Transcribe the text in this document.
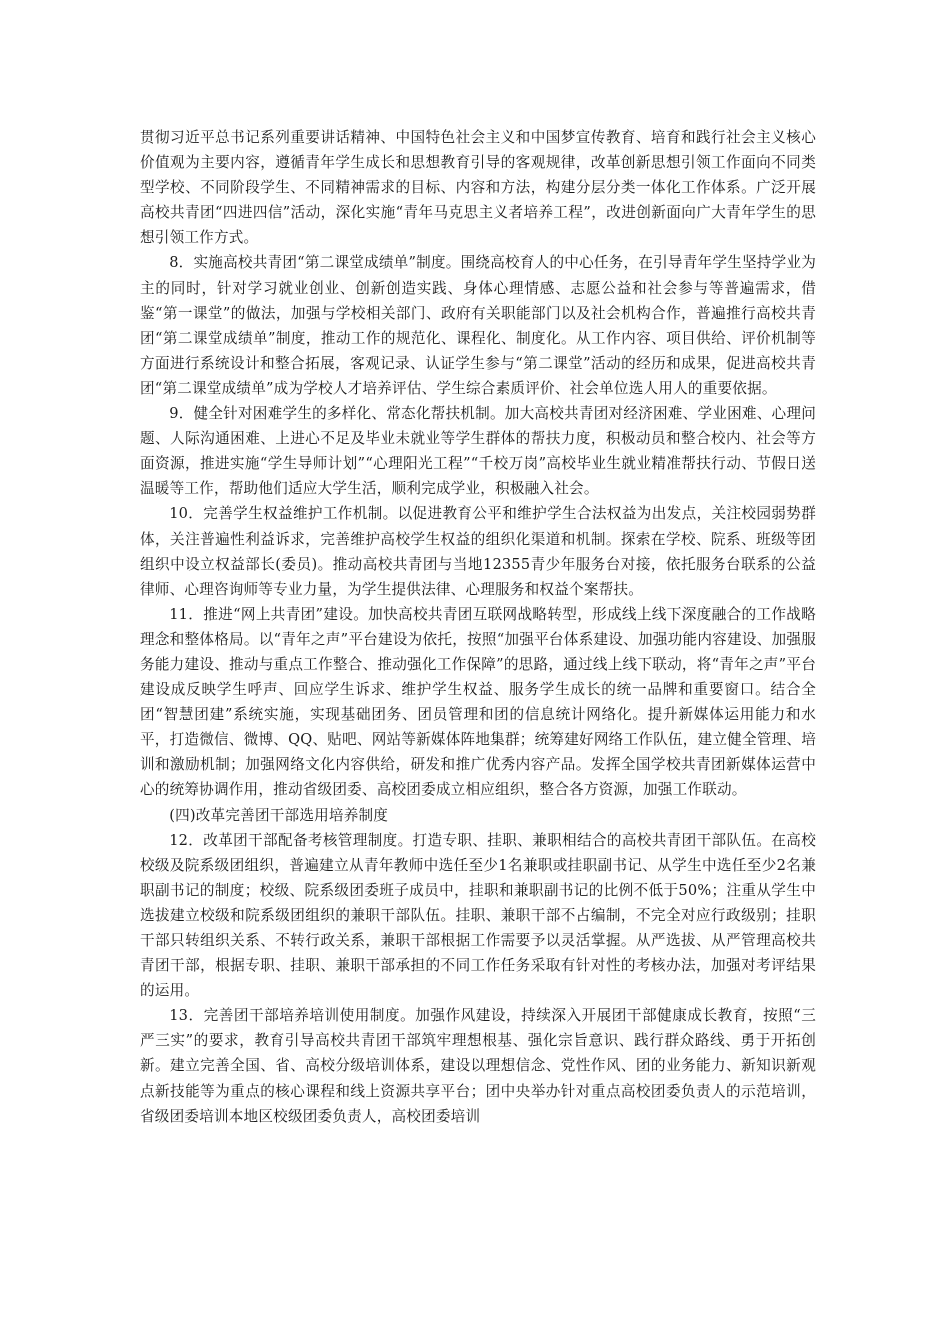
贯彻习近平总书记系列重要讲话精神、中国特色社会主义和中国梦宣传教育、培育和践行社会主义核心价值观为主要内容，遵循青年学生成长和思想教育引导的客观规律，改革创新思想引领工作面向不同类型学校、不同阶段学生、不同精神需求的目标、内容和方法，构建分层分类一体化工作体系。广泛开展高校共青团“四进四信”活动，深化实施“青年马克思主义者培养工程”，改进创新面向广大青年学生的思想引领工作方式。

8．实施高校共青团“第二课堂成绩单”制度。围绕高校育人的中心任务，在引导青年学生坚持学业为主的同时，针对学习就业创业、创新创造实践、身体心理情感、志愿公益和社会参与等普遍需求，借鉴“第一课堂”的做法，加强与学校相关部门、政府有关职能部门以及社会机构合作，普遍推行高校共青团“第二课堂成绩单”制度，推动工作的规范化、课程化、制度化。从工作内容、项目供给、评价机制等方面进行系统设计和整合拓展，客观记录、认证学生参与“第二课堂”活动的经历和成果，促进高校共青团“第二课堂成绩单”成为学校人才培养评估、学生综合素质评价、社会单位选人用人的重要依据。

9．健全针对困难学生的多样化、常态化帮扶机制。加大高校共青团对经济困难、学业困难、心理问题、人际沟通困难、上进心不足及毕业未就业等学生群体的帮扶力度，积极动员和整合校内、社会等方面资源，推进实施“学生导师计划”“心理阳光工程”“千校万岗”高校毕业生就业精准帮扶行动、节假日送温暖等工作，帮助他们适应大学生活，顺利完成学业，积极融入社会。

10．完善学生权益维护工作机制。以促进教育公平和维护学生合法权益为出发点，关注校园弱势群体，关注普遍性利益诉求，完善维护高校学生权益的组织化渠道和机制。探索在学校、院系、班级等团组织中设立权益部长(委员)。推动高校共青团与当地12355青少年服务台对接，依托服务台联系的公益律师、心理咨询师等专业力量，为学生提供法律、心理服务和权益个案帮扶。

11．推进“网上共青团”建设。加快高校共青团互联网战略转型，形成线上线下深度融合的工作战略理念和整体格局。以“青年之声”平台建设为依托，按照“加强平台体系建设、加强功能内容建设、加强服务能力建设、推动与重点工作整合、推动强化工作保障”的思路，通过线上线下联动，将“青年之声”平台建设成反映学生呼声、回应学生诉求、维护学生权益、服务学生成长的统一品牌和重要窗口。结合全团“智慧团建”系统实施，实现基础团务、团员管理和团的信息统计网络化。提升新媒体运用能力和水平，打造微信、微博、QQ、贴吧、网站等新媒体阵地集群；统筹建好网络工作队伍，建立健全管理、培训和激励机制；加强网络文化内容供给，研发和推广优秀内容产品。发挥全国学校共青团新媒体运营中心的统筹协调作用，推动省级团委、高校团委成立相应组织，整合各方资源，加强工作联动。

(四)改革完善团干部选用培养制度

12．改革团干部配备考核管理制度。打造专职、挂职、兼职相结合的高校共青团干部队伍。在高校校级及院系级团组织，普遍建立从青年教师中选任至少1名兼职或挂职副书记、从学生中选任至少2名兼职副书记的制度；校级、院系级团委班子成员中，挂职和兼职副书记的比例不低于50%；注重从学生中选拔建立校级和院系级团组织的兼职干部队伍。挂职、兼职干部不占编制，不完全对应行政级别；挂职干部只转组织关系、不转行政关系，兼职干部根据工作需要予以灵活掌握。从严选拔、从严管理高校共青团干部，根据专职、挂职、兼职干部承担的不同工作任务采取有针对性的考核办法，加强对考评结果的运用。

13．完善团干部培养培训使用制度。加强作风建设，持续深入开展团干部健康成长教育，按照“三严三实”的要求，教育引导高校共青团干部筑牢理想根基、强化宗旨意识、践行群众路线、勇于开拓创新。建立完善全国、省、高校分级培训体系，建设以理想信念、党性作风、团的业务能力、新知识新观点新技能等为重点的核心课程和线上资源共享平台；团中央举办针对重点高校团委负责人的示范培训，省级团委培训本地区校级团委负责人，高校团委培训
